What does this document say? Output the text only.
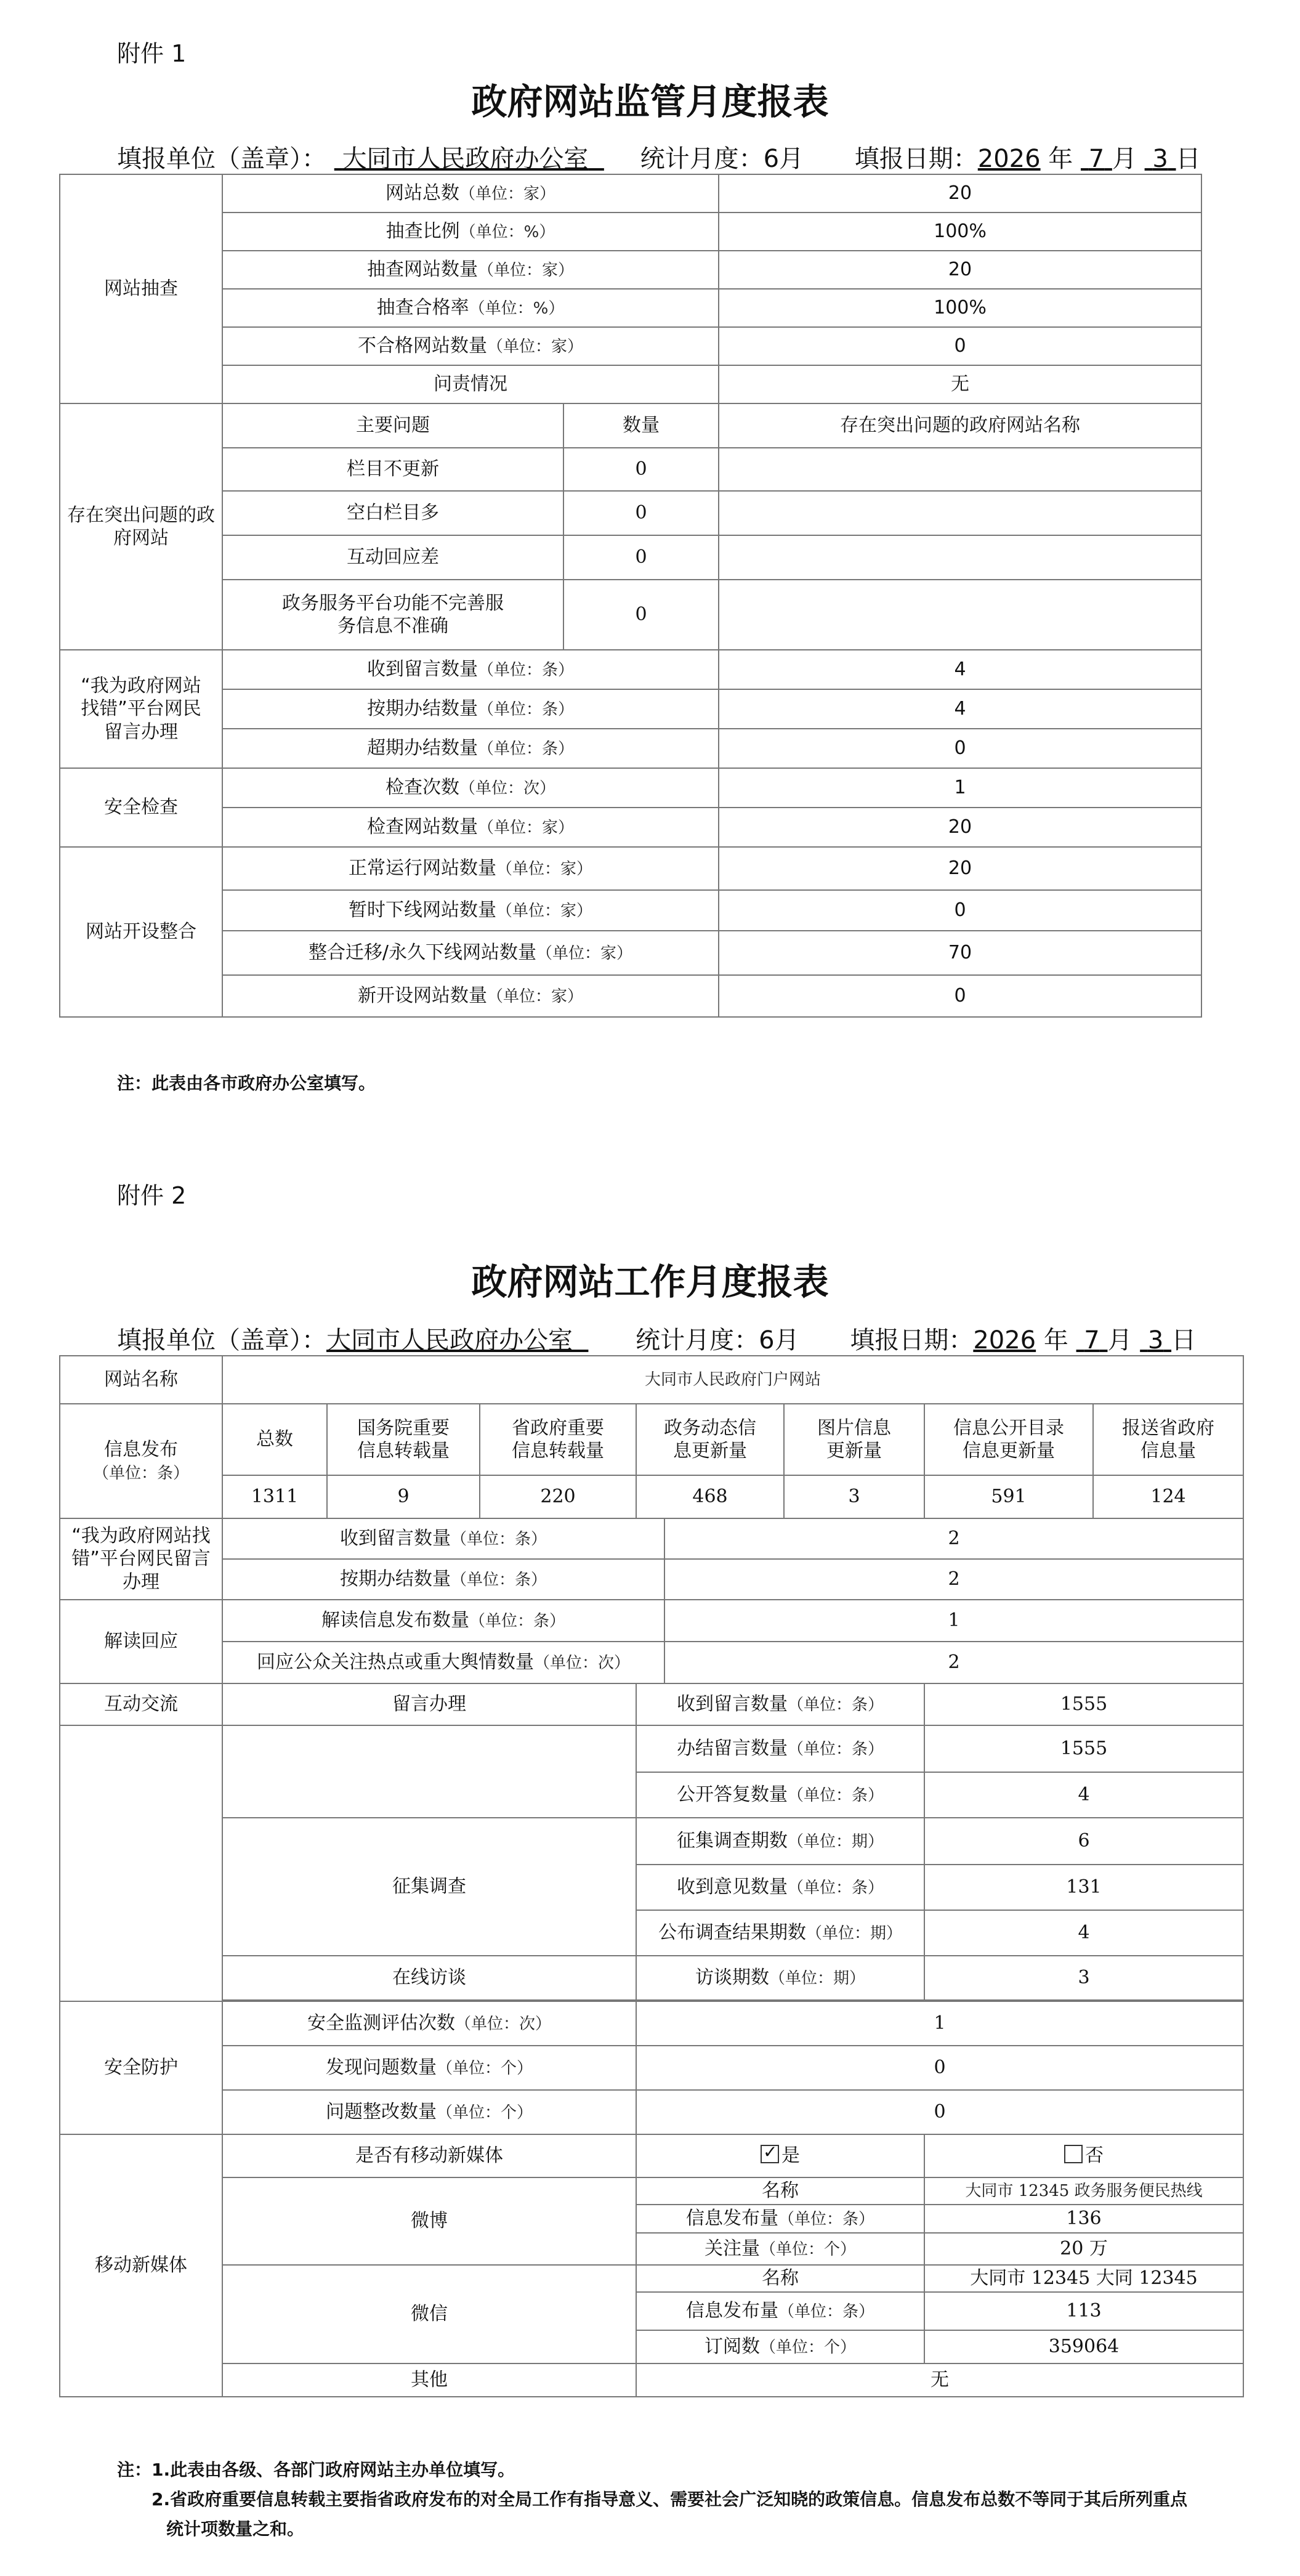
附件 1
政府网站监管月度报表
填报单位（盖章）： 大同市人民政府办公室 统计月度：6月 填报日期：2026 年 7 月 3 日
网站抽查	网站总数（单位：家）		20
	抽查比例（单位：%）		100%
	抽查网站数量（单位：家）		20
	抽查合格率（单位：%）		100%
	不合格网站数量（单位：家）		0
	问责情况		无
存在突出问题的政府网站	主要问题	数量	存在突出问题的政府网站名称
	栏目不更新	0	
	空白栏目多	0	
	互动回应差	0	
	政务服务平台功能不完善服务信息不准确	0	
“我为政府网站找错”平台网民留言办理	收到留言数量（单位：条）		4
	按期办结数量（单位：条）		4
	超期办结数量（单位：条）		0
安全检查	检查次数（单位：次）		1
	检查网站数量（单位：家）		20
网站开设整合	正常运行网站数量（单位：家）		20
	暂时下线网站数量（单位：家）		0
	整合迁移/永久下线网站数量（单位：家）		70
	新开设网站数量（单位：家）		0
注：此表由各市政府办公室填写。
附件 2
政府网站工作月度报表
填报单位（盖章）：大同市人民政府办公室	统计月度：6月 填报日期：2026 年 7 月 3 日
网站名称	大同市人民政府门户网站							
信息发布
（单位：条）	总数	国务院重要信息转载量	省政府重要信息转载量	政务动态信息更新量		图片信息更新量	信息公开目录信息更新量	报送省政府信息量
	1311	9	220	468		3	591	124
“我为政府网站找错”平台网民留言办理	收到留言数量（单位：条）				2			
	按期办结数量（单位：条）				2			
解读回应	解读信息发布数量（单位：条）				1			
	回应公众关注热点或重大舆情数量（单位：次）				2			
互动交流	留言办理			收到留言数量（单位：条）			1555	
				办结留言数量（单位：条）			1555	
				公开答复数量（单位：条）			4	
	征集调查			征集调查期数（单位：期）			6	
				收到意见数量（单位：条）			131	
				公布调查结果期数（单位：期）			4	
	在线访谈			访谈期数（单位：期）			3	

安全防护	安全监测评估次数（单位：次）			1				
	发现问题数量（单位：个）			0				
	问题整改数量（单位：个）			0				
移动新媒体	是否有移动新媒体	✓是			否	
	微博			名称			大同市 12345 政务服务便民热线	
				信息发布量（单位：条）			136	
				关注量（单位：个）			20 万	
	微信			名称			大同市 12345 大同 12345	
				信息发布量（单位：条）			113	
				订阅数（单位：个）			359064	
	其他			无				
注：1.此表由各级、各部门政府网站主办单位填写。
2.省政府重要信息转载主要指省政府发布的对全局工作有指导意义、需要社会广泛知晓的政策信息。信息发布总数不等同于其后所列重点
统计项数量之和。
